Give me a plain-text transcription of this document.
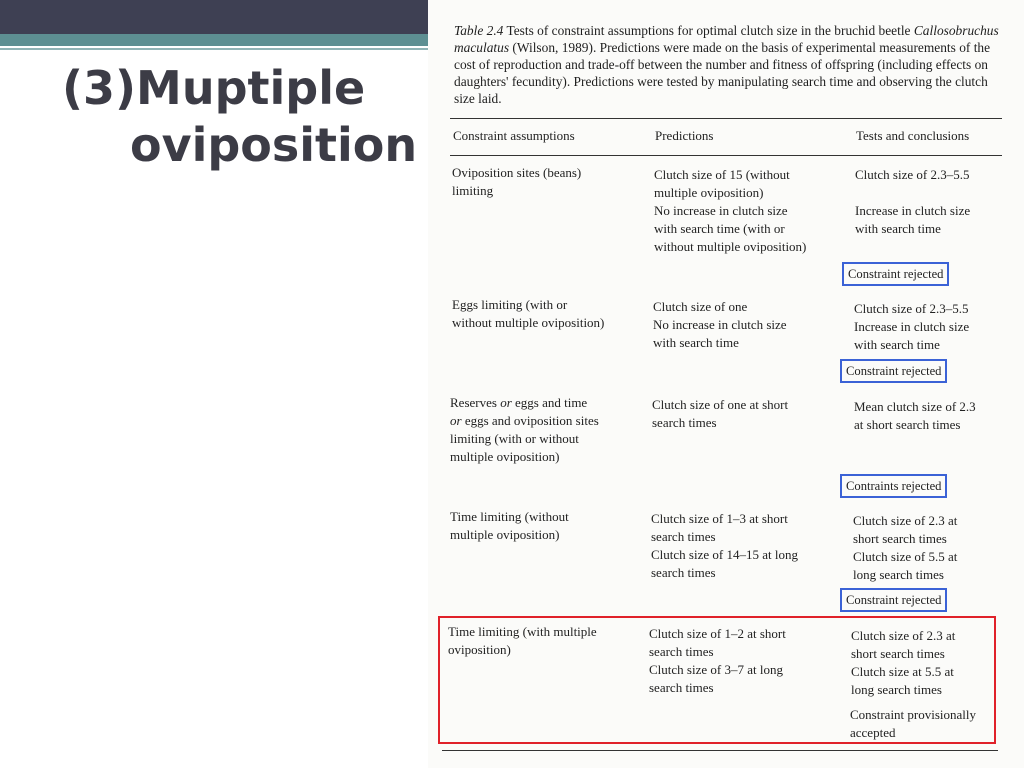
(3)Muptiple
oviposition
Table 2.4 Tests of constraint assumptions for optimal clutch size in the bruchid beetle Callosobruchus maculatus (Wilson, 1989). Predictions were made on the basis of experimental measurements of the cost of reproduction and trade-off between the number and fitness of offspring (including effects on daughters' fecundity). Predictions were tested by manipulating search time and observing the clutch size laid.
Constraint assumptions	Predictions	Tests and conclusions
Oviposition sites (beans)
limiting
Clutch size of 15 (without
multiple oviposition)
No increase in clutch size
with search time (with or
without multiple oviposition)
Clutch size of 2.3–5.5
Increase in clutch size
with search time
Constraint rejected
Eggs limiting (with or
without multiple oviposition)
Clutch size of one
No increase in clutch size
with search time
Clutch size of 2.3–5.5
Increase in clutch size
with search time
Constraint rejected
Reserves or eggs and time
or eggs and oviposition sites
limiting (with or without
multiple oviposition)
Clutch size of one at short
search times
Mean clutch size of 2.3
at short search times
Contraints rejected
Time limiting (without
multiple oviposition)
Clutch size of 1–3 at short
search times
Clutch size of 14–15 at long
search times
Clutch size of 2.3 at
short search times
Clutch size of 5.5 at
long search times
Constraint rejected
Time limiting (with multiple
oviposition)
Clutch size of 1–2 at short
search times
Clutch size of 3–7 at long
search times
Clutch size of 2.3 at
short search times
Clutch size at 5.5 at
long search times
Constraint provisionally
accepted
